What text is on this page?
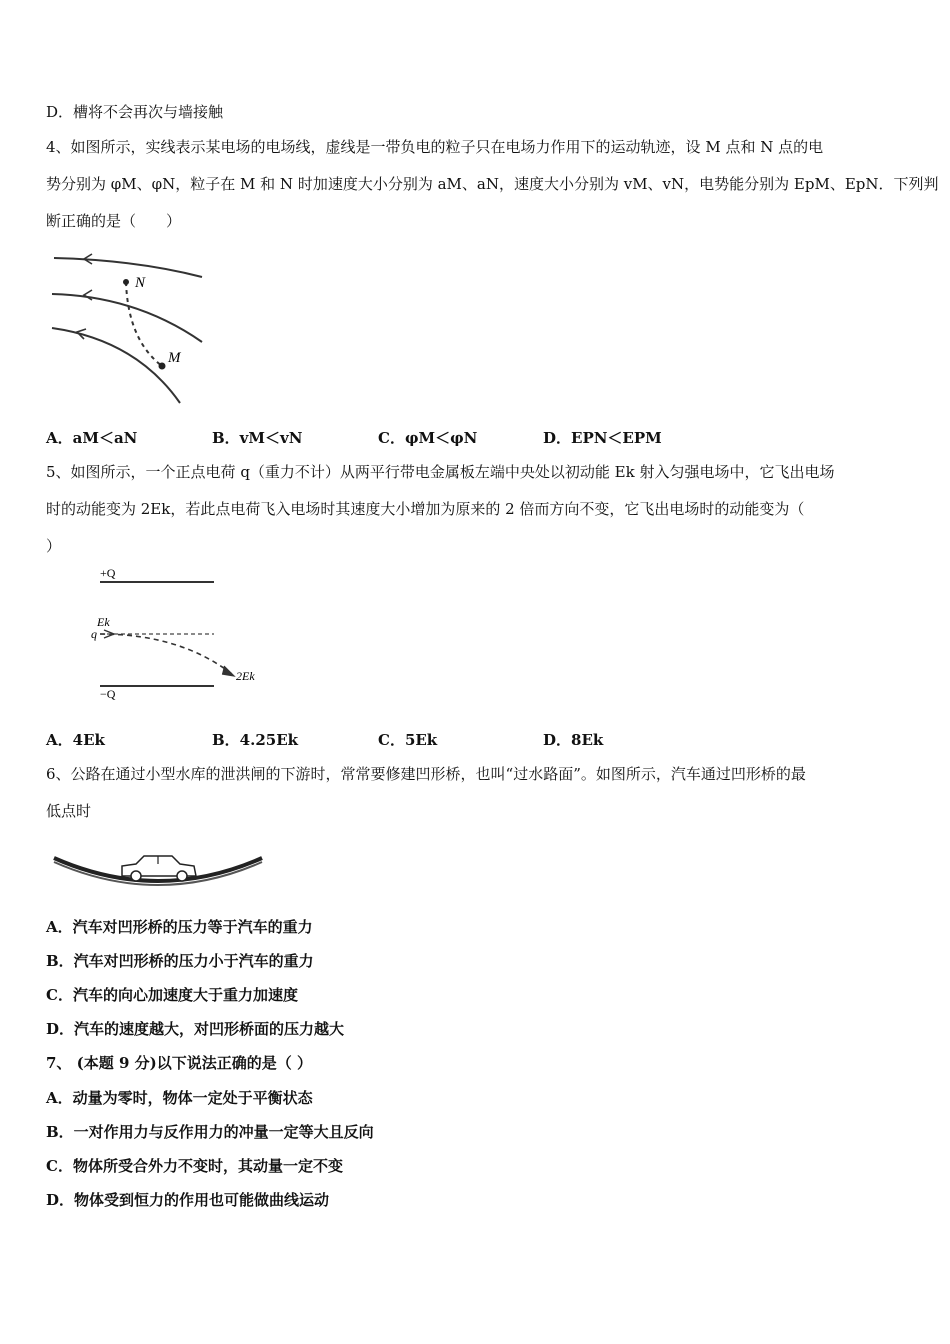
D．槽将不会再次与墙接触
4、如图所示，实线表示某电场的电场线，虚线是一带负电的粒子只在电场力作用下的运动轨迹，设 M 点和 N 点的电
势分别为 φM、φN，粒子在 M 和 N 时加速度大小分别为 aM、aN，速度大小分别为 vM、vN，电势能分别为 EpM、EpN．下列判
断正确的是（　　）
N
M
A．aM＜aN	B．vM＜vN	C．φM＜φN	D．EPN＜EPM
5、如图所示，一个正点电荷 q（重力不计）从两平行带电金属板左端中央处以初动能 Ek 射入匀强电场中，它飞出电场
时的动能变为 2Ek，若此点电荷飞入电场时其速度大小增加为原来的 2 倍而方向不变，它飞出电场时的动能变为（
）
+Q
−Q
q
Ek
2Ek
A．4Ek	B．4.25Ek	C．5Ek	D．8Ek
6、公路在通过小型水库的泄洪闸的下游时，常常要修建凹形桥，也叫“过水路面”。如图所示，汽车通过凹形桥的最
低点时
A．汽车对凹形桥的压力等于汽车的重力
B．汽车对凹形桥的压力小于汽车的重力
C．汽车的向心加速度大于重力加速度
D．汽车的速度越大，对凹形桥面的压力越大
7、 (本题 9 分)以下说法正确的是（ ）
A．动量为零时，物体一定处于平衡状态
B．一对作用力与反作用力的冲量一定等大且反向
C．物体所受合外力不变时，其动量一定不变
D．物体受到恒力的作用也可能做曲线运动
